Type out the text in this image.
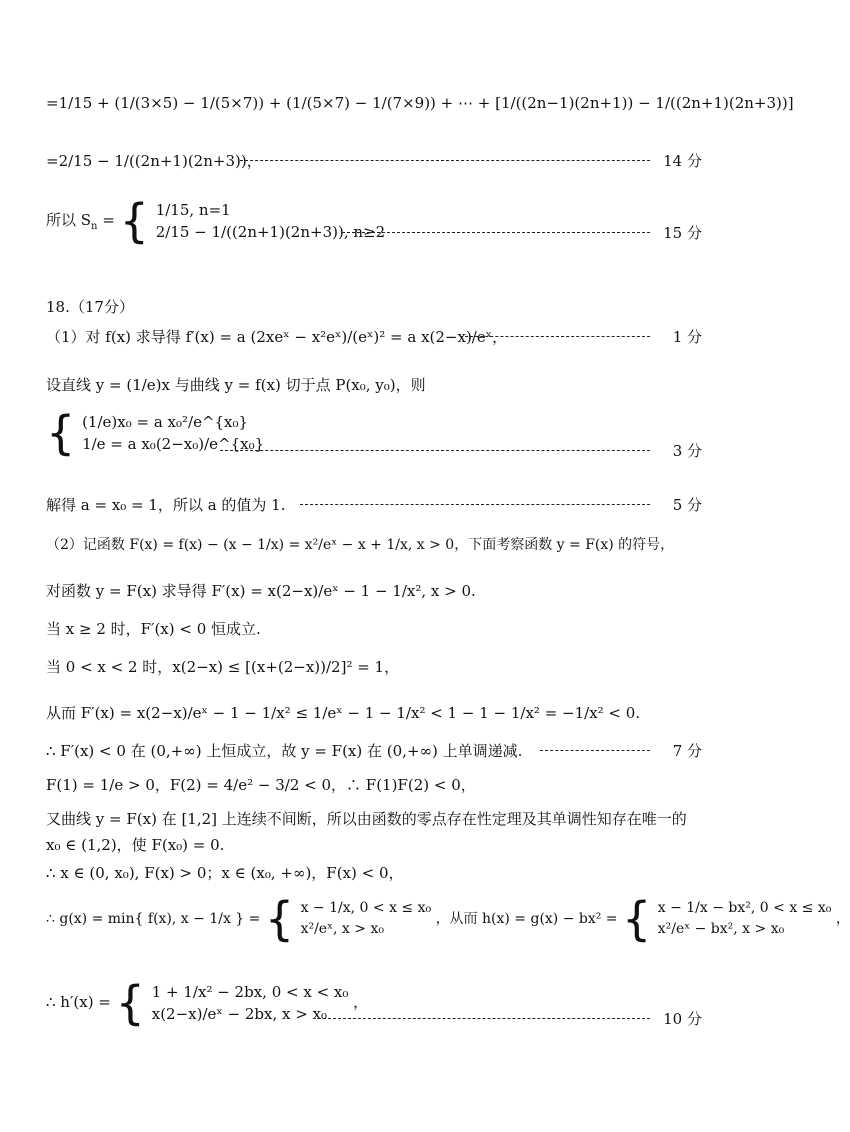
=1/15 + (1/(3×5) − 1/(5×7)) + (1/(5×7) − 1/(7×9)) + ⋯ + [1/((2n−1)(2n+1)) − 1/((2n+1)(2n+3))]
=2/15 − 1/((2n+1)(2n+3))，	14 分
所以 $S_n$ = { 1/15, n=1
2/15 − 1/((2n+1)(2n+3)), n≥2	15 分
18.（17分）
（1）对 f(x) 求导得 f′(x) = a (2xeˣ − x²eˣ)/(eˣ)² = a x(2−x)/eˣ，	1 分
设直线 y = (1/e)x 与曲线 y = f(x) 切于点 P(x₀, y₀)，则
{ (1/e)x₀ = a x₀²/e^{x₀}
1/e = a x₀(2−x₀)/e^{x₀}	3 分
解得 a = x₀ = 1，所以 a 的值为 1.	5 分
（2）记函数 F(x) = f(x) − (x − 1/x) = x²/eˣ − x + 1/x, x > 0，下面考察函数 y = F(x) 的符号，
对函数 y = F(x) 求导得 F′(x) = x(2−x)/eˣ − 1 − 1/x², x > 0.
当 x ≥ 2 时，F′(x) < 0 恒成立.
当 0 < x < 2 时，x(2−x) ≤ [(x+(2−x))/2]² = 1，
从而 F′(x) = x(2−x)/eˣ − 1 − 1/x² ≤ 1/eˣ − 1 − 1/x² < 1 − 1 − 1/x² = −1/x² < 0.
∴ F′(x) < 0 在 (0,+∞) 上恒成立，故 y = F(x) 在 (0,+∞) 上单调递减.	7 分
F(1) = 1/e > 0，F(2) = 4/e² − 3/2 < 0，∴ F(1)F(2) < 0，
又曲线 y = F(x) 在 [1,2] 上连续不间断，所以由函数的零点存在性定理及其单调性知存在唯一的
x₀ ∈ (1,2)，使 F(x₀) = 0.
∴ x ∈ (0, x₀), F(x) > 0；x ∈ (x₀, +∞)，F(x) < 0，
∴ g(x) = min{ f(x), x − 1/x } = { x − 1/x, 0 < x ≤ x₀
x²/eˣ, x > x₀
，从而 h(x) = g(x) − bx² = { x − 1/x − bx², 0 < x ≤ x₀
x²/eˣ − bx², x > x₀
，
∴ h′(x) = { 1 + 1/x² − 2bx, 0 < x < x₀
x(2−x)/eˣ − 2bx, x > x₀
，
10 分
